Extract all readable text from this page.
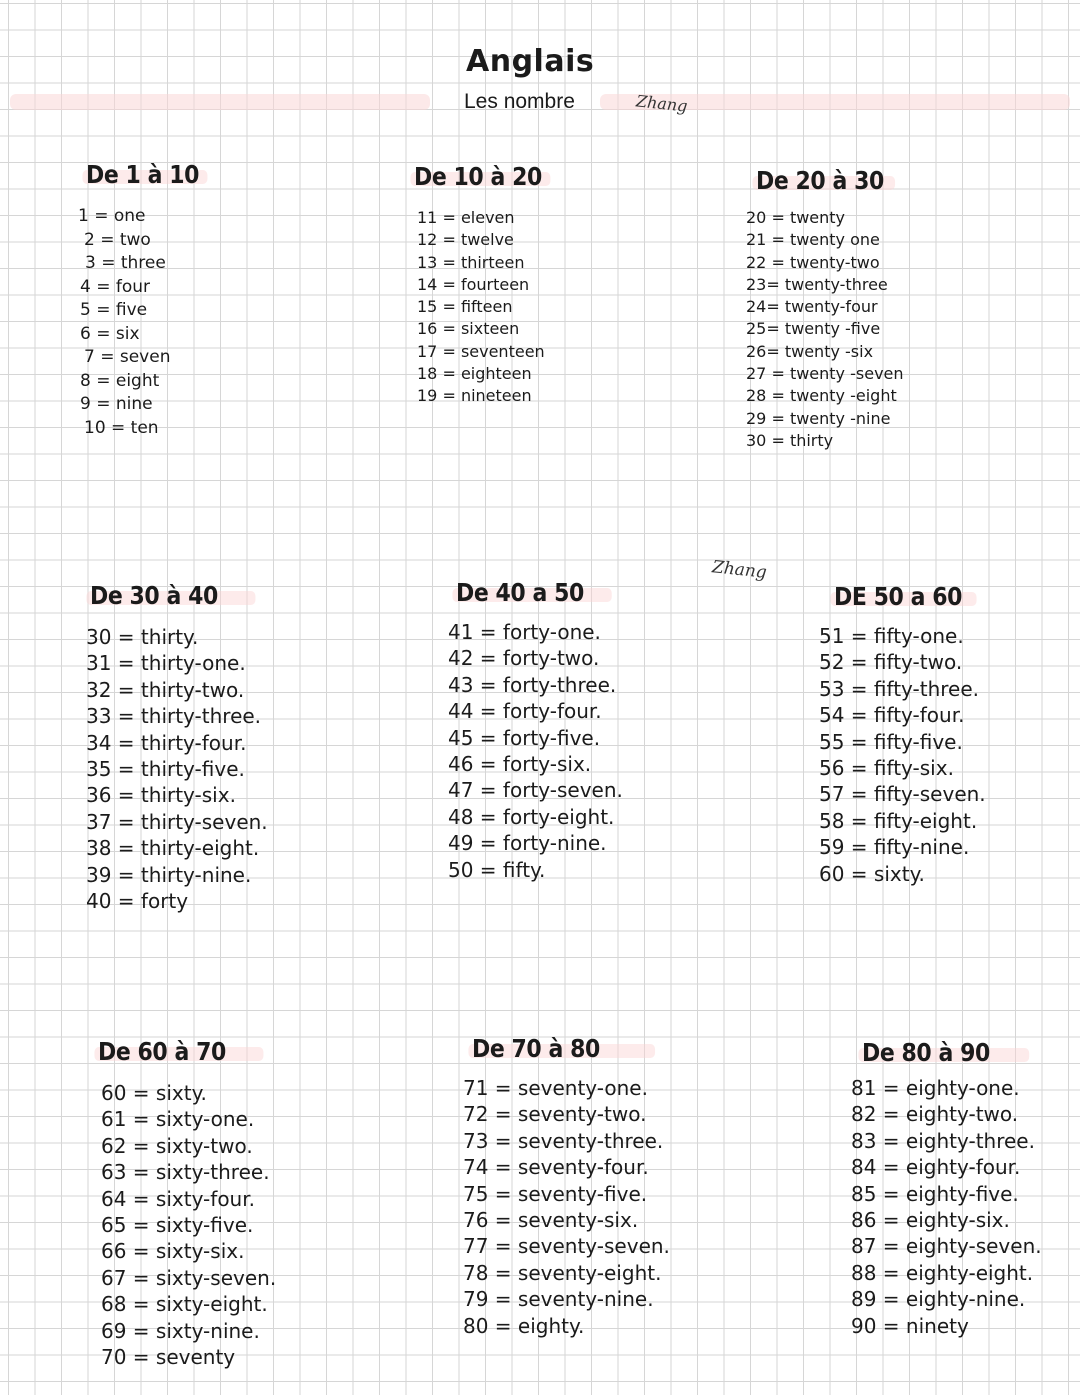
Anglais
Les nombre	Zhang
Zhang
De 1 à 10
1 = one
2 = two
3 = three
4 = four
5 = five
6 = six
7 = seven
8 = eight
9 = nine
10 = ten
De 10 à 20
11 = eleven
12 = twelve
13 = thirteen
14 = fourteen
15 = fifteen
16 = sixteen
17 = seventeen
18 = eighteen
19 = nineteen
De 20 à 30
20 = twenty
21 = twenty one
22 = twenty-two
23= twenty-three
24= twenty-four
25= twenty -five
26= twenty -six
27 = twenty -seven
28 = twenty -eight
29 = twenty -nine
30 = thirty
De 30 à 40
30 = thirty.
31 = thirty-one.
32 = thirty-two.
33 = thirty-three.
34 = thirty-four.
35 = thirty-five.
36 = thirty-six.
37 = thirty-seven.
38 = thirty-eight.
39 = thirty-nine.
40 = forty
De 40 a 50
41 = forty-one.
42 = forty-two.
43 = forty-three.
44 = forty-four.
45 = forty-five.
46 = forty-six.
47 = forty-seven.
48 = forty-eight.
49 = forty-nine.
50 = fifty.
DE 50 a 60
51 = fifty-one.
52 = fifty-two.
53 = fifty-three.
54 = fifty-four.
55 = fifty-five.
56 = fifty-six.
57 = fifty-seven.
58 = fifty-eight.
59 = fifty-nine.
60 = sixty.
De 60 à 70
60 = sixty.
61 = sixty-one.
62 = sixty-two.
63 = sixty-three.
64 = sixty-four.
65 = sixty-five.
66 = sixty-six.
67 = sixty-seven.
68 = sixty-eight.
69 = sixty-nine.
70 = seventy
De 70 à 80
71 = seventy-one.
72 = seventy-two.
73 = seventy-three.
74 = seventy-four.
75 = seventy-five.
76 = seventy-six.
77 = seventy-seven.
78 = seventy-eight.
79 = seventy-nine.
80 = eighty.
De 80 à 90
81 = eighty-one.
82 = eighty-two.
83 = eighty-three.
84 = eighty-four.
85 = eighty-five.
86 = eighty-six.
87 = eighty-seven.
88 = eighty-eight.
89 = eighty-nine.
90 = ninety
